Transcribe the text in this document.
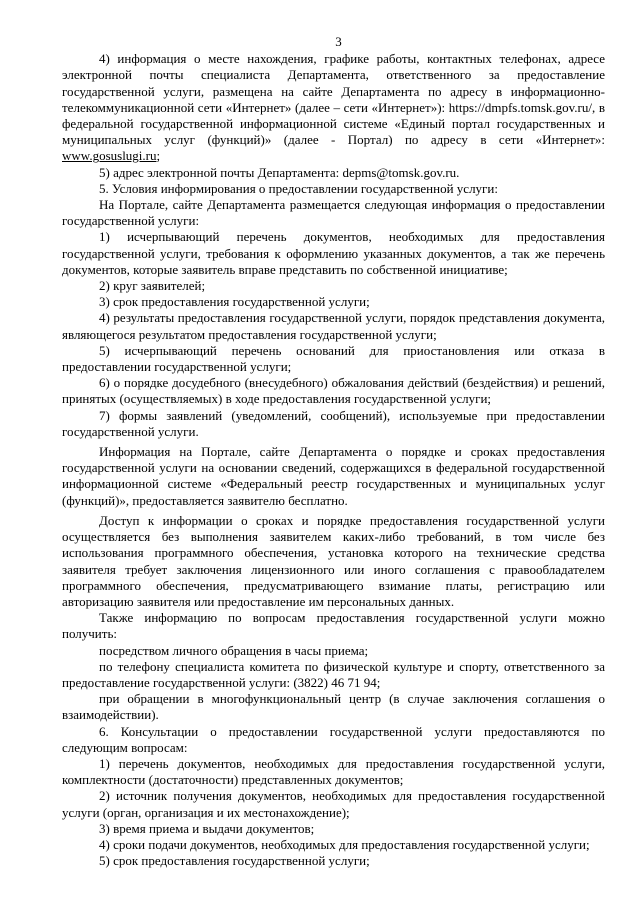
3

4) информация о месте нахождения, графике работы, контактных телефонах, адресе электронной почты специалиста Департамента, ответственного за предоставление государственной услуги, размещена на сайте Департамента по адресу в информационно-телекоммуникационной сети «Интернет» (далее – сети «Интернет»): https://dmpfs.tomsk.gov.ru/, в федеральной государственной информационной системе «Единый портал государственных и муниципальных услуг (функций)» (далее - Портал) по адресу в сети «Интернет»: www.gosuslugi.ru;

5) адрес электронной почты Департамента: depms@tomsk.gov.ru.

5. Условия информирования о предоставлении государственной услуги:

На Портале, сайте Департамента размещается следующая информация о предоставлении государственной услуги:

1) исчерпывающий перечень документов, необходимых для предоставления государственной услуги, требования к оформлению указанных документов, а так же перечень документов, которые заявитель вправе представить по собственной инициативе;

2) круг заявителей;

3) срок предоставления государственной услуги;

4) результаты предоставления государственной услуги, порядок представления документа, являющегося результатом предоставления государственной услуги;

5) исчерпывающий перечень оснований для приостановления или отказа в предоставлении государственной услуги;

6) о порядке досудебного (внесудебного) обжалования действий (бездействия) и решений, принятых (осуществляемых) в ходе предоставления государственной услуги;

7) формы заявлений (уведомлений, сообщений), используемые при предоставлении государственной услуги.

Информация на Портале, сайте Департамента о порядке и сроках предоставления государственной услуги на основании сведений, содержащихся в федеральной государственной информационной системе «Федеральный реестр государственных и муниципальных услуг (функций)», предоставляется заявителю бесплатно.

Доступ к информации о сроках и порядке предоставления государственной услуги осуществляется без выполнения заявителем каких-либо требований, в том числе без использования программного обеспечения, установка которого на технические средства заявителя требует заключения лицензионного или иного соглашения с правообладателем программного обеспечения, предусматривающего взимание платы, регистрацию или авторизацию заявителя или предоставление им персональных данных.

Также информацию по вопросам предоставления государственной услуги можно получить:

посредством личного обращения в часы приема;

по телефону специалиста комитета по физической культуре и спорту, ответственного за предоставление государственной услуги: (3822) 46 71 94;

при обращении в многофункциональный центр (в случае заключения соглашения о взаимодействии).

6. Консультации о предоставлении государственной услуги предоставляются по следующим вопросам:

1) перечень документов, необходимых для предоставления государственной услуги, комплектности (достаточности) представленных документов;

2) источник получения документов, необходимых для предоставления государственной услуги (орган, организация и их местонахождение);

3) время приема и выдачи документов;

4) сроки подачи документов, необходимых для предоставления государственной услуги;

5) срок предоставления государственной услуги;
